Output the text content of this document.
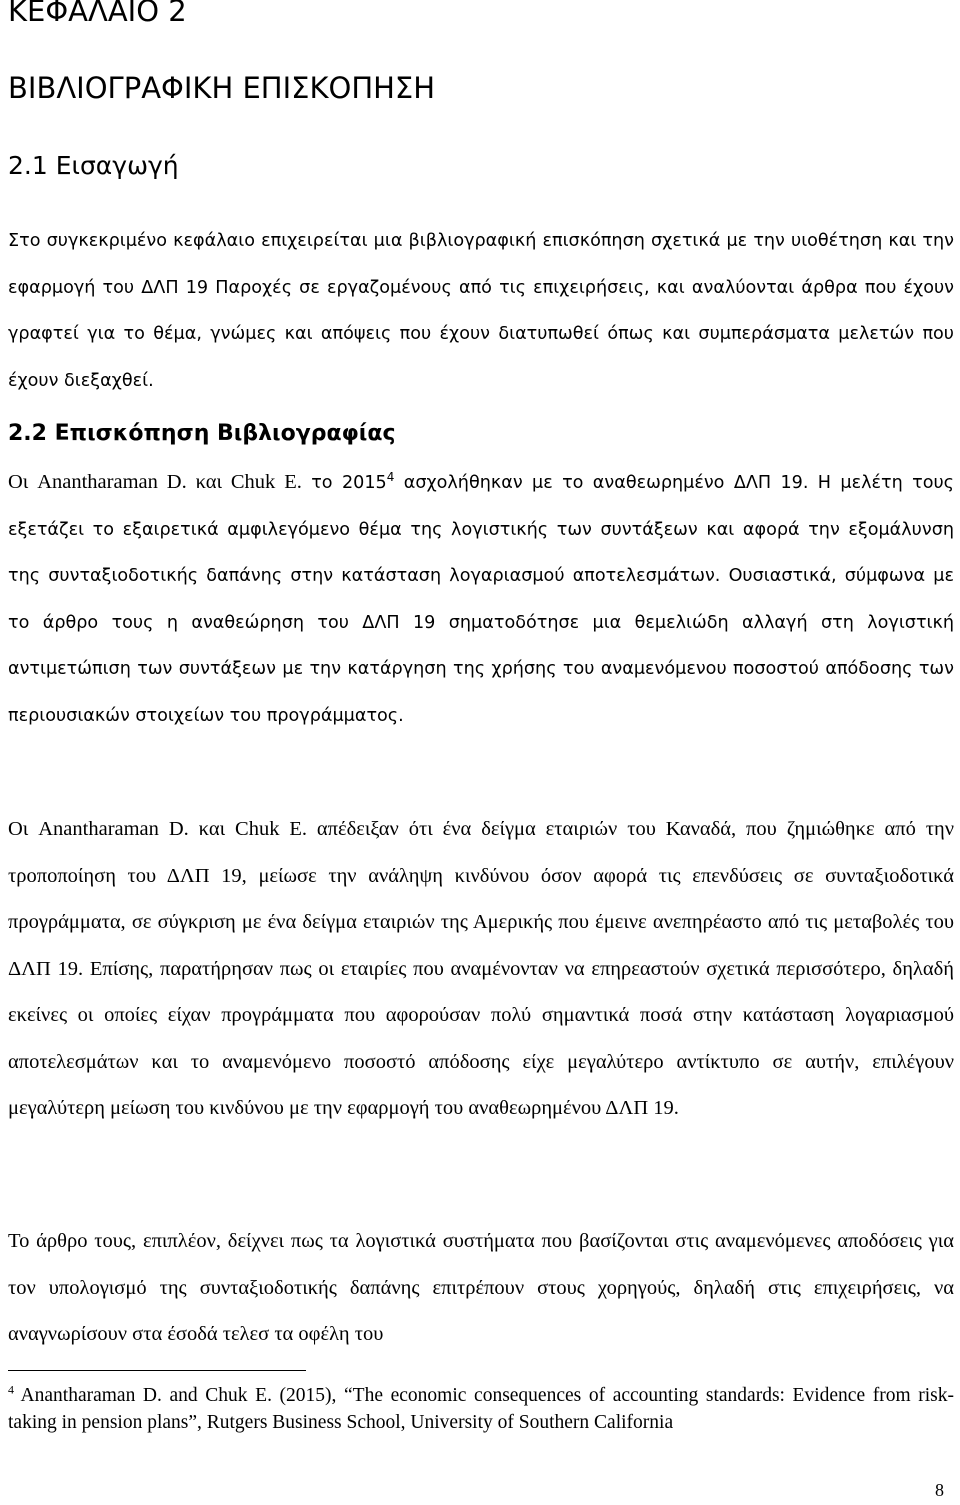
ΚΕΦΑΛΑΙΟ 2
ΒΙΒΛΙΟΓΡΑΦΙΚΗ ΕΠΙΣΚΟΠΗΣΗ
2.1 Εισαγωγή

Στο συγκεκριμένο κεφάλαιο επιχειρείται μια βιβλιογραφική επισκόπηση σχετικά με την υιοθέτηση και την εφαρμογή του ΔΛΠ 19 Παροχές σε εργαζομένους από τις επιχειρήσεις, και αναλύονται άρθρα που έχουν γραφτεί για το θέμα, γνώμες και απόψεις που έχουν διατυπωθεί όπως και συμπεράσματα μελετών που έχουν διεξαχθεί.

2.2 Επισκόπηση Βιβλιογραφίας

Οι Anantharaman D. και Chuk E. το 2015$^4$ ασχολήθηκαν με το αναθεωρημένο ΔΛΠ 19. Η μελέτη τους εξετάζει το εξαιρετικά αμφιλεγόμενο θέμα της λογιστικής των συντάξεων και αφορά την εξομάλυνση της συνταξιοδοτικής δαπάνης στην κατάσταση λογαριασμού αποτελεσμάτων. Ουσιαστικά, σύμφωνα με το άρθρο τους η αναθεώρηση του ΔΛΠ 19 σηματοδότησε μια θεμελιώδη αλλαγή στη λογιστική αντιμετώπιση των συντάξεων με την κατάργηση της χρήσης του αναμενόμενου ποσοστού απόδοσης των περιουσιακών στοιχείων του προγράμματος.

Οι Anantharaman D. και Chuk E. απέδειξαν ότι ένα δείγμα εταιριών του Καναδά, που ζημιώθηκε από την τροποποίηση του ΔΛΠ 19, μείωσε την ανάληψη κινδύνου όσον αφορά τις επενδύσεις σε συνταξιοδοτικά προγράμματα, σε σύγκριση με ένα δείγμα εταιριών της Αμερικής που έμεινε ανεπηρέαστο από τις μεταβολές του ΔΛΠ 19. Επίσης, παρατήρησαν πως οι εταιρίες που αναμένονταν να επηρεαστούν σχετικά περισσότερο, δηλαδή εκείνες οι οποίες είχαν προγράμματα που αφορούσαν πολύ σημαντικά ποσά στην κατάσταση λογαριασμού αποτελεσμάτων και το αναμενόμενο ποσοστό απόδοσης είχε μεγαλύτερο αντίκτυπο σε αυτήν, επιλέγουν μεγαλύτερη μείωση του κινδύνου με την εφαρμογή του αναθεωρημένου ΔΛΠ 19.

Το άρθρο τους, επιπλέον, δείχνει πως τα λογιστικά συστήματα που βασίζονται στις αναμενόμενες αποδόσεις για τον υπολογισμό της συνταξιοδοτικής δαπάνης επιτρέπουν στους χορηγούς, δηλαδή στις επιχειρήσεις, να αναγνωρίσουν στα έσοδά τελεσ τα οφέλη του

$^4$ Anantharaman D. and Chuk E. (2015), “The economic consequences of accounting standards: Evidence from risk-taking in pension plans”, Rutgers Business School, University of Southern California
8
